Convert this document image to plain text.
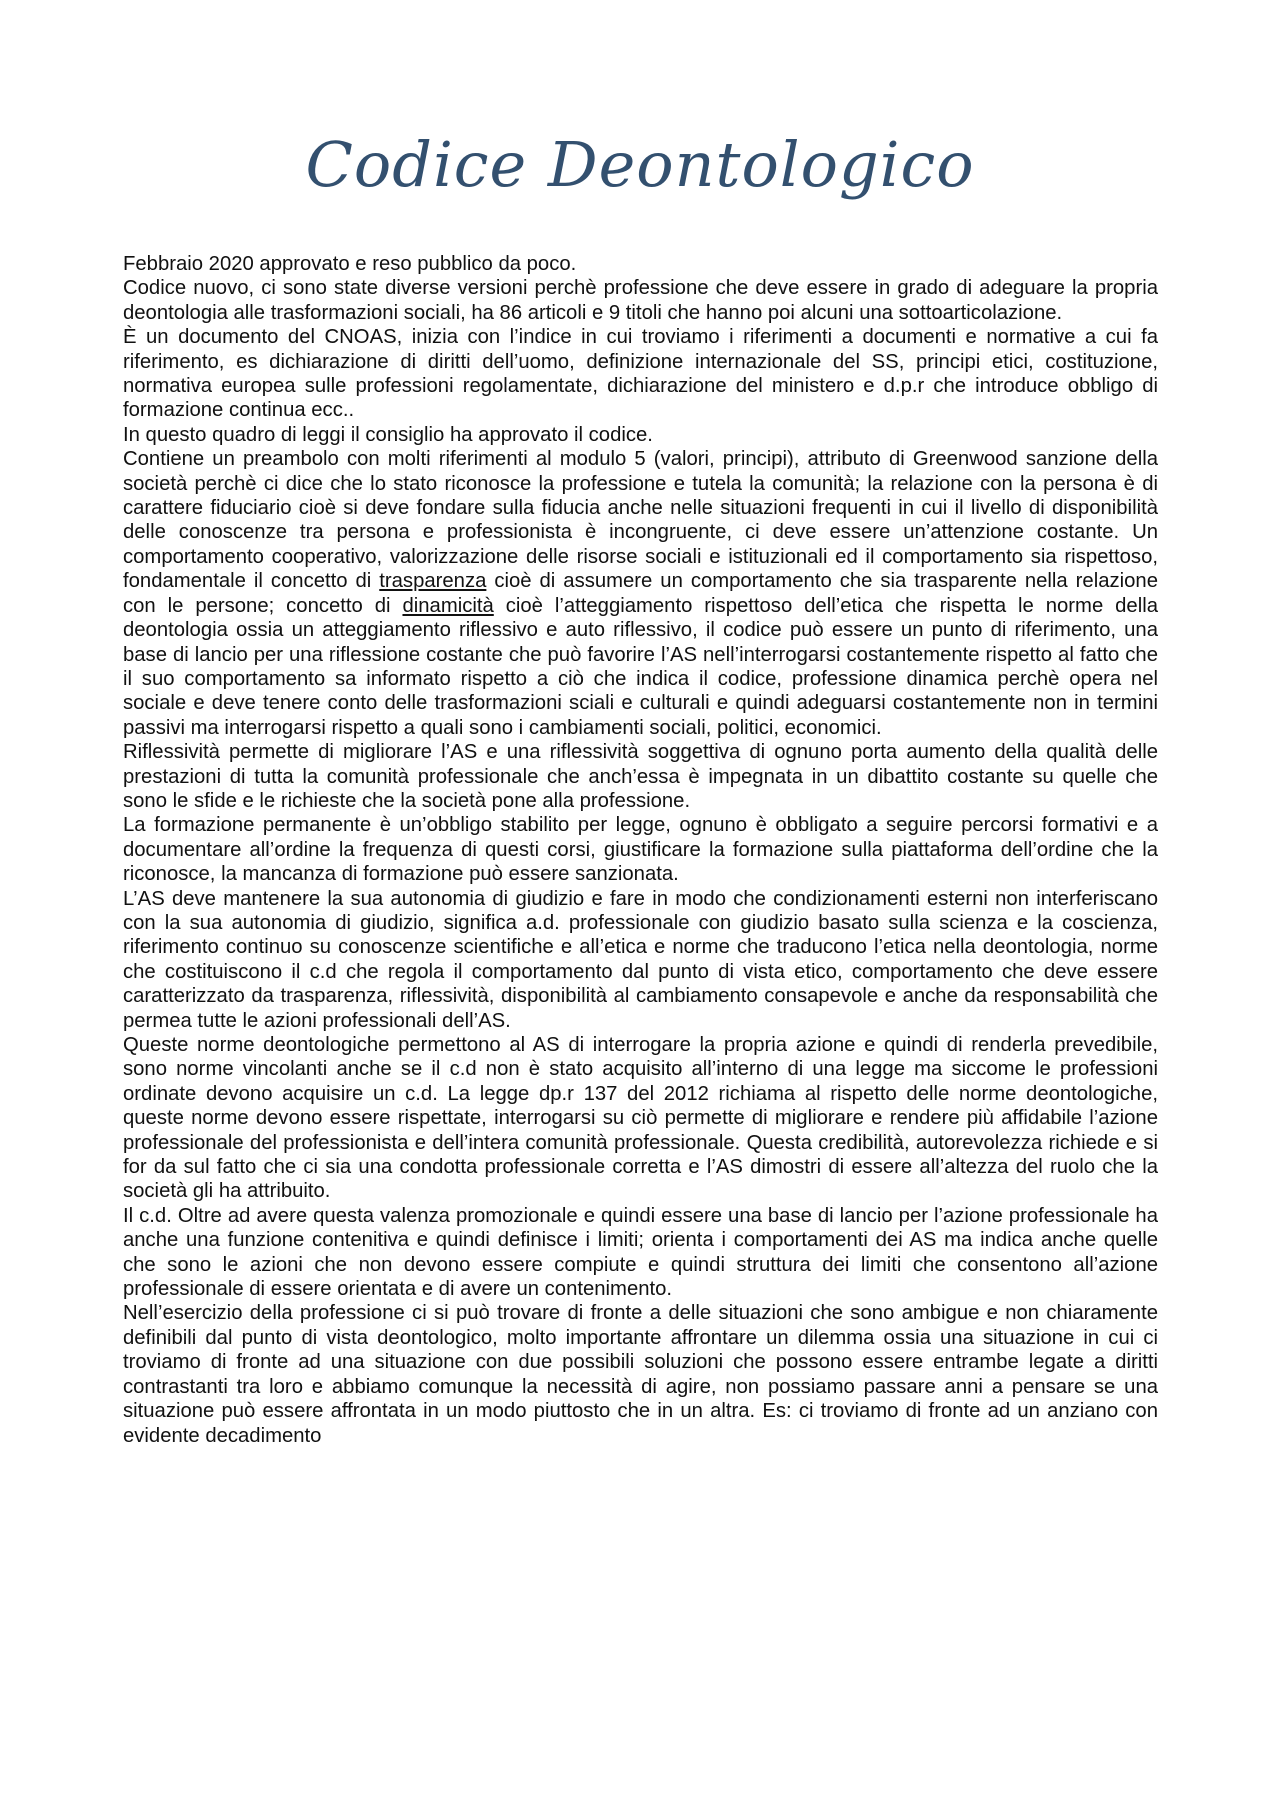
Codice Deontologico

Febbraio 2020 approvato e reso pubblico da poco.

Codice nuovo, ci sono state diverse versioni perchè professione che deve essere in grado di adeguare la propria deontologia alle trasformazioni sociali, ha 86 articoli e 9 titoli che hanno poi alcuni una sottoarticolazione.

È un documento del CNOAS, inizia con l’indice in cui troviamo i riferimenti a documenti e normative a cui fa riferimento, es dichiarazione di diritti dell’uomo, definizione internazionale del SS, principi etici, costituzione, normativa europea sulle professioni regolamentate, dichiarazione del ministero e d.p.r che introduce obbligo di formazione continua ecc..

In questo quadro di leggi il consiglio ha approvato il codice.

Contiene un preambolo con molti riferimenti al modulo 5 (valori, principi), attributo di Greenwood sanzione della società perchè ci dice che lo stato riconosce la professione e tutela la comunità; la relazione con la persona è di carattere fiduciario cioè si deve fondare sulla fiducia anche nelle situazioni frequenti in cui il livello di disponibilità delle conoscenze tra persona e professionista è incongruente, ci deve essere un’attenzione costante. Un comportamento cooperativo, valorizzazione delle risorse sociali e istituzionali ed il comportamento sia rispettoso, fondamentale il concetto di trasparenza cioè di assumere un comportamento che sia trasparente nella relazione con le persone; concetto di dinamicità cioè l’atteggiamento rispettoso dell’etica che rispetta le norme della deontologia ossia un atteggiamento riflessivo e auto riflessivo, il codice può essere un punto di riferimento, una base di lancio per una riflessione costante che può favorire l’AS nell’interrogarsi costantemente rispetto al fatto che il suo comportamento sa informato rispetto a ciò che indica il codice, professione dinamica perchè opera nel sociale e deve tenere conto delle trasformazioni sciali e culturali e quindi adeguarsi costantemente non in termini passivi ma interrogarsi rispetto a quali sono i cambiamenti sociali, politici, economici.

Riflessività permette di migliorare l’AS e una riflessività soggettiva di ognuno porta aumento della qualità delle prestazioni di tutta la comunità professionale che anch’essa è impegnata in un dibattito costante su quelle che sono le sfide e le richieste che la società pone alla professione.

La formazione permanente è un’obbligo stabilito per legge, ognuno è obbligato a seguire percorsi formativi e a documentare all’ordine la frequenza di questi corsi, giustificare la formazione sulla piattaforma dell’ordine che la riconosce, la mancanza di formazione può essere sanzionata.

L’AS deve mantenere la sua autonomia di giudizio e fare in modo che condizionamenti esterni non interferiscano con la sua autonomia di giudizio, significa a.d. professionale con giudizio basato sulla scienza e la coscienza, riferimento continuo su conoscenze scientifiche e all’etica e norme che traducono l’etica nella deontologia, norme che costituiscono il c.d che regola il comportamento dal punto di vista etico, comportamento che deve essere caratterizzato da trasparenza, riflessività, disponibilità al cambiamento consapevole e anche da responsabilità che permea tutte le azioni professionali dell’AS.

Queste norme deontologiche permettono al AS di interrogare la propria azione e quindi di renderla prevedibile, sono norme vincolanti anche se il c.d non è stato acquisito all’interno di una legge ma siccome le professioni ordinate devono acquisire un c.d. La legge dp.r 137 del 2012 richiama al rispetto delle norme deontologiche, queste norme devono essere rispettate, interrogarsi su ciò permette di migliorare e rendere più affidabile l’azione professionale del professionista e dell’intera comunità professionale. Questa credibilità, autorevolezza richiede e si for da sul fatto che ci sia una condotta professionale corretta e l’AS dimostri di essere all’altezza del ruolo che la società gli ha attribuito.

Il c.d. Oltre ad avere questa valenza promozionale e quindi essere una base di lancio per l’azione professionale ha anche una funzione contenitiva e quindi definisce i limiti; orienta i comportamenti dei AS ma indica anche quelle che sono le azioni che non devono essere compiute e quindi struttura dei limiti che consentono all’azione professionale di essere orientata e di avere un contenimento.

Nell’esercizio della professione ci si può trovare di fronte a delle situazioni che sono ambigue e non chiaramente definibili dal punto di vista deontologico, molto importante affrontare un dilemma ossia una situazione in cui ci troviamo di fronte ad una situazione con due possibili soluzioni che possono essere entrambe legate a diritti contrastanti tra loro e abbiamo comunque la necessità di agire, non possiamo passare anni a pensare se una situazione può essere affrontata in un modo piuttosto che in un altra. Es: ci troviamo di fronte ad un anziano con evidente decadimento
